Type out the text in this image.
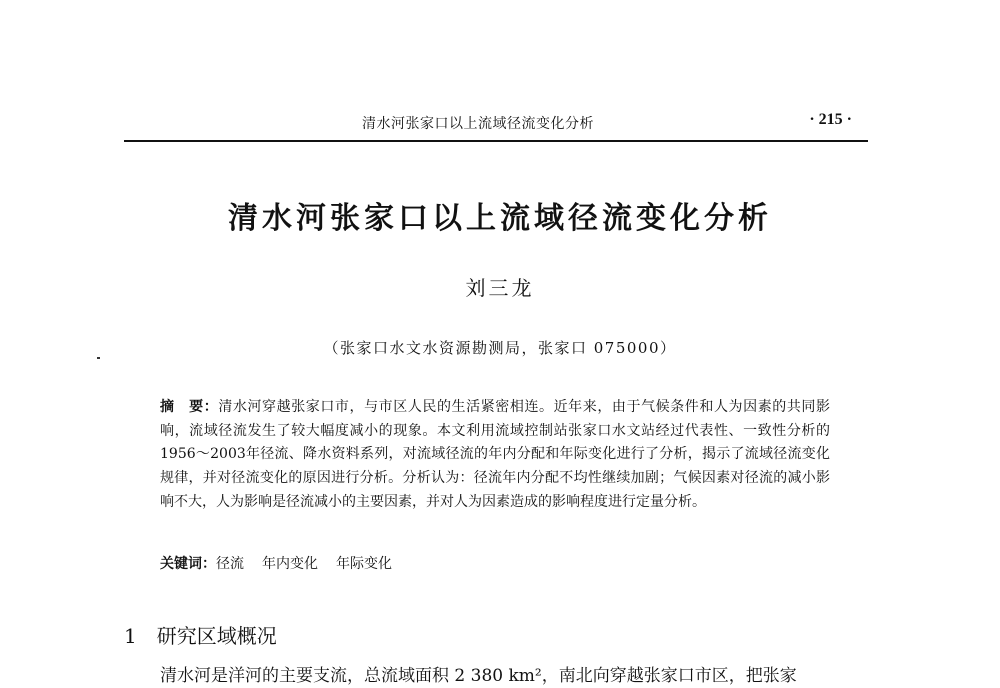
清水河张家口以上流域径流变化分析	· 215 ·
清水河张家口以上流域径流变化分析
刘三龙
（张家口水文水资源勘测局，张家口 075000）
摘　要：清水河穿越张家口市，与市区人民的生活紧密相连。近年来，由于气候条件和人为因素的共同影响，流域径流发生了较大幅度减小的现象。本文利用流域控制站张家口水文站经过代表性、一致性分析的1956～2003年径流、降水资料系列，对流域径流的年内分配和年际变化进行了分析，揭示了流域径流变化规律，并对径流变化的原因进行分析。分析认为：径流年内分配不均性继续加剧；气候因素对径流的减小影响不大，人为影响是径流减小的主要因素，并对人为因素造成的影响程度进行定量分析。
关键词：径流 年内变化 年际变化
1 研究区域概况
清水河是洋河的主要支流，总流域面积 2 380 km²，南北向穿越张家口市区，把张家
